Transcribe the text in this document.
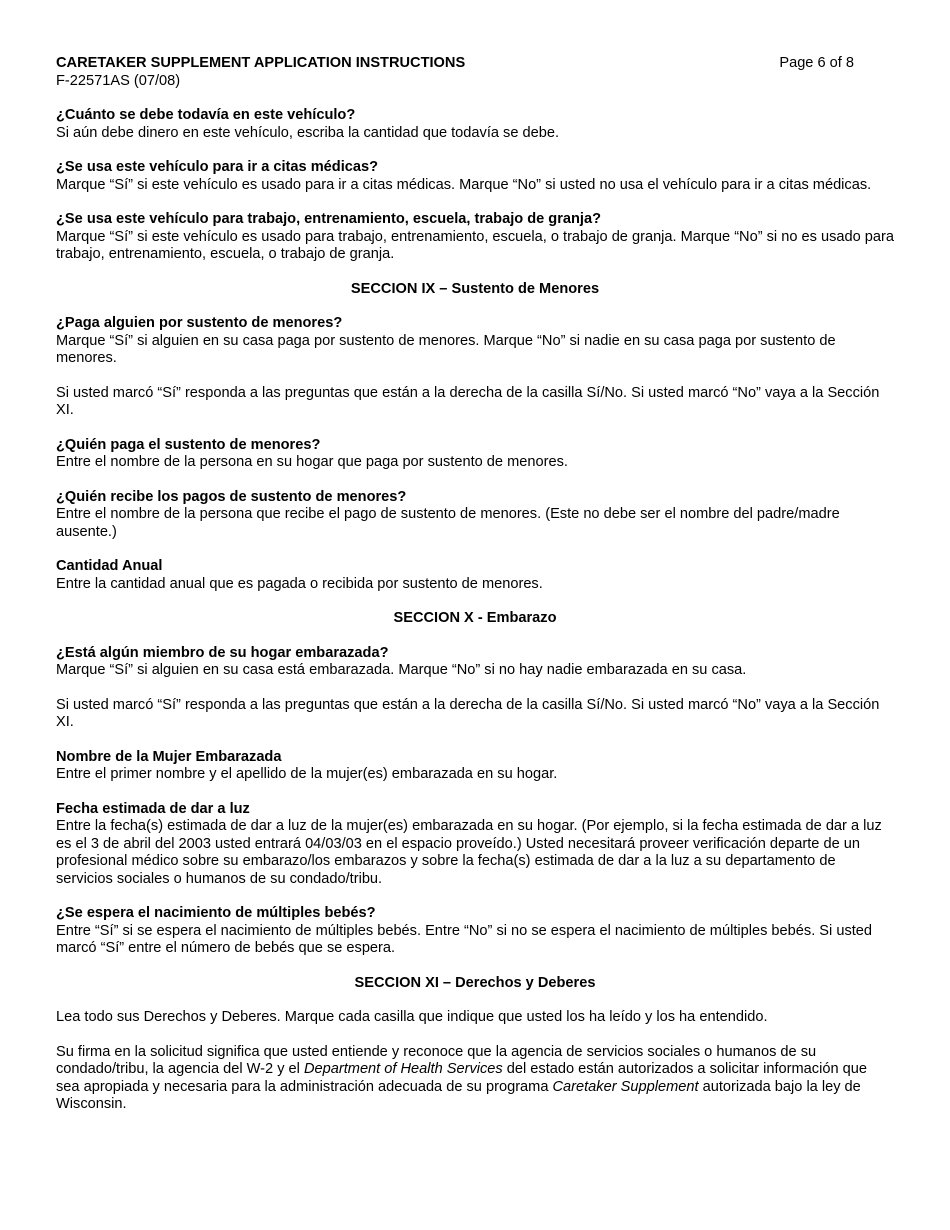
CARETAKER SUPPLEMENT APPLICATION INSTRUCTIONS	Page 6 of 8
F-22571AS (07/08)
¿Cuánto se debe todavía en este vehículo?
Si aún debe dinero en este vehículo, escriba la cantidad que todavía se debe.
¿Se usa este vehículo para ir a citas médicas?
Marque “Sí” si este vehículo es usado para ir a citas médicas. Marque “No” si usted no usa el vehículo para ir a citas médicas.
¿Se usa este vehículo para trabajo, entrenamiento, escuela, trabajo de granja?
Marque “Sí” si este vehículo es usado para trabajo, entrenamiento, escuela, o trabajo de granja. Marque “No” si no es usado para trabajo, entrenamiento, escuela, o trabajo de granja.
SECCION IX – Sustento de Menores
¿Paga alguien por sustento de menores?
Marque “Sí” si alguien en su casa paga por sustento de menores. Marque “No” si nadie en su casa paga por sustento de menores.
Si usted marcó “Sí” responda a las preguntas que están a la derecha de la casilla Sí/No. Si usted marcó “No” vaya a la Sección XI.
¿Quién paga el sustento de menores?
Entre el nombre de la persona en su hogar que paga por sustento de menores.
¿Quién recibe los pagos de sustento de menores?
Entre el nombre de la persona que recibe el pago de sustento de menores. (Este no debe ser el nombre del padre/madre ausente.)
Cantidad Anual
Entre la cantidad anual que es pagada o recibida por sustento de menores.
SECCION X - Embarazo
¿Está algún miembro de su hogar embarazada?
Marque “Sí” si alguien en su casa está embarazada. Marque “No” si no hay nadie embarazada en su casa.
Si usted marcó “Sí” responda a las preguntas que están a la derecha de la casilla Sí/No. Si usted marcó “No” vaya a la Sección XI.
Nombre de la Mujer Embarazada
Entre el primer nombre y el apellido de la mujer(es) embarazada en su hogar.
Fecha estimada de dar a luz
Entre la fecha(s) estimada de dar a luz de la mujer(es) embarazada en su hogar. (Por ejemplo, si la fecha estimada de dar a luz es el 3 de abril del 2003 usted entrará 04/03/03 en el espacio proveído.) Usted necesitará proveer verificación departe de un profesional médico sobre su embarazo/los embarazos y sobre la fecha(s) estimada de dar a la luz a su departamento de servicios sociales o humanos de su condado/tribu.
¿Se espera el nacimiento de múltiples bebés?
Entre “Sí” si se espera el nacimiento de múltiples bebés. Entre “No” si no se espera el nacimiento de múltiples bebés. Si usted marcó “Sí” entre el número de bebés que se espera.
SECCION XI – Derechos y Deberes
Lea todo sus Derechos y Deberes. Marque cada casilla que indique que usted los ha leído y los ha entendido.
Su firma en la solicitud significa que usted entiende y reconoce que la agencia de servicios sociales o humanos de su condado/tribu, la agencia del W-2 y el Department of Health Services del estado están autorizados a solicitar información que sea apropiada y necesaria para la administración adecuada de su programa Caretaker Supplement autorizada bajo la ley de Wisconsin.
